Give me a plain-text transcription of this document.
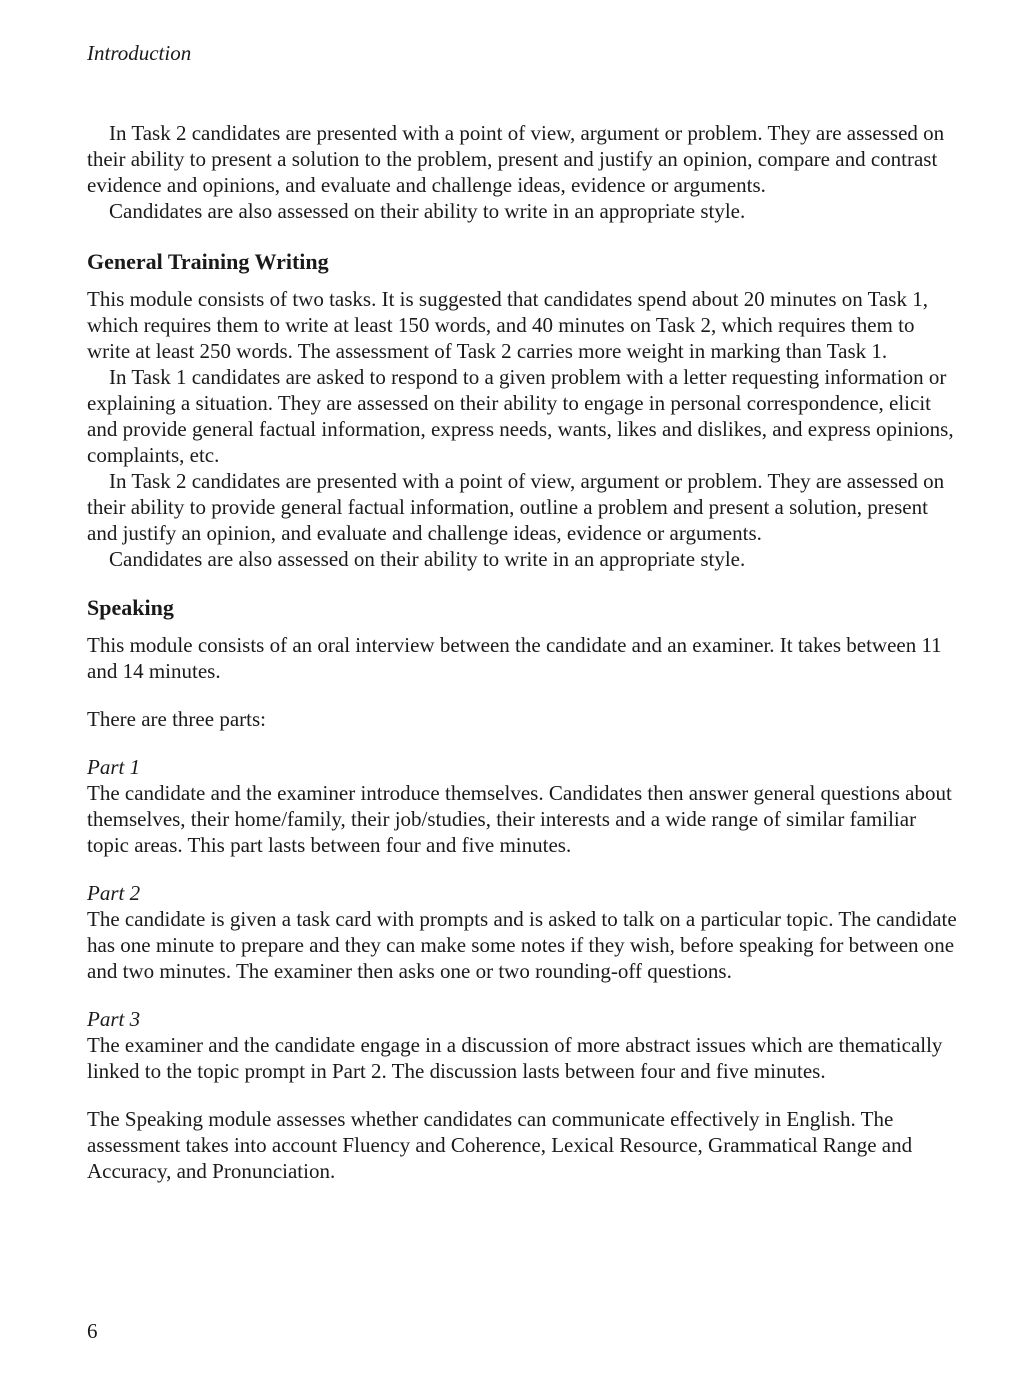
Introduction

In Task 2 candidates are presented with a point of view, argument or problem. They are assessed on their ability to present a solution to the problem, present and justify an opinion, compare and contrast evidence and opinions, and evaluate and challenge ideas, evidence or arguments.

Candidates are also assessed on their ability to write in an appropriate style.

General Training Writing

This module consists of two tasks. It is suggested that candidates spend about 20 minutes on Task 1, which requires them to write at least 150 words, and 40 minutes on Task 2, which requires them to write at least 250 words. The assessment of Task 2 carries more weight in marking than Task 1.

In Task 1 candidates are asked to respond to a given problem with a letter requesting information or explaining a situation. They are assessed on their ability to engage in personal correspondence, elicit and provide general factual information, express needs, wants, likes and dislikes, and express opinions, complaints, etc.

In Task 2 candidates are presented with a point of view, argument or problem. They are assessed on their ability to provide general factual information, outline a problem and present a solution, present and justify an opinion, and evaluate and challenge ideas, evidence or arguments.

Candidates are also assessed on their ability to write in an appropriate style.

Speaking

This module consists of an oral interview between the candidate and an examiner. It takes between 11 and 14 minutes.

There are three parts:

Part 1

The candidate and the examiner introduce themselves. Candidates then answer general questions about themselves, their home/family, their job/studies, their interests and a wide range of similar familiar topic areas. This part lasts between four and five minutes.

Part 2

The candidate is given a task card with prompts and is asked to talk on a particular topic. The candidate has one minute to prepare and they can make some notes if they wish, before speaking for between one and two minutes. The examiner then asks one or two rounding-off questions.

Part 3

The examiner and the candidate engage in a discussion of more abstract issues which are thematically linked to the topic prompt in Part 2. The discussion lasts between four and five minutes.

The Speaking module assesses whether candidates can communicate effectively in English. The assessment takes into account Fluency and Coherence, Lexical Resource, Grammatical Range and Accuracy, and Pronunciation.

6
